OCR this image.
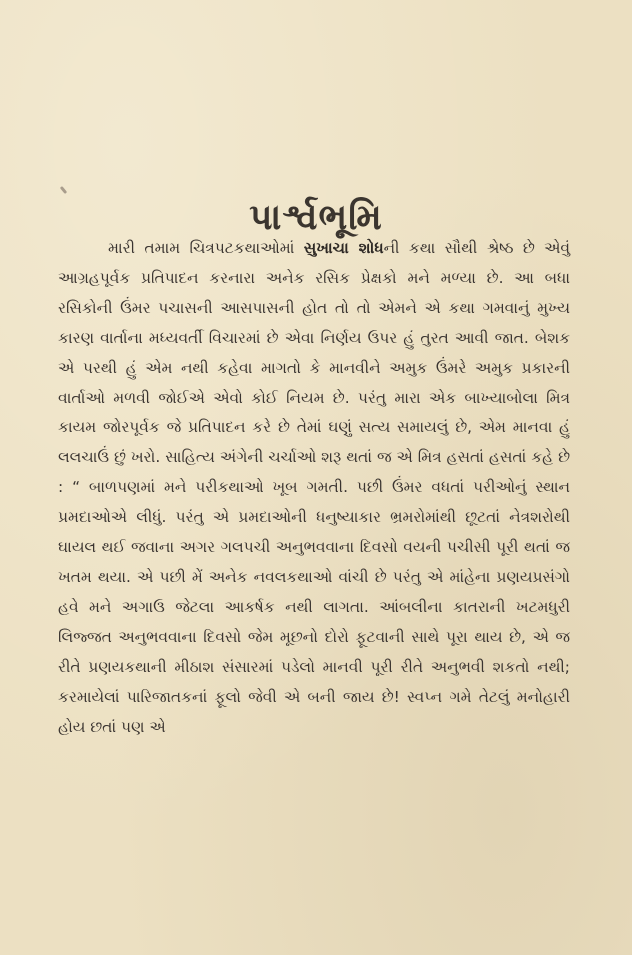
પાર્શ્વભૂમિ

મારી તમામ ચિત્રપટકથાઓમાં સુખાચા શોધની કથા સૌથી શ્રેષ્ઠ છે એવું આગ્રહપૂર્વક પ્રતિપાદન કરનારા અનેક રસિક પ્રેક્ષકો મને મળ્યા છે. આ બધા રસિકોની ઉંમર પચાસની આસપાસની હોત તો તો એમને એ કથા ગમવાનું મુખ્ય કારણ વાર્તાના મધ્યવર્તી વિચારમાં છે એવા નિર્ણય ઉપર હું તુરત આવી જાત. બેશક એ પરથી હું એમ નથી કહેવા માગતો કે માનવીને અમુક ઉંમરે અમુક પ્રકારની વાર્તાઓ મળવી જોઈએ એવો કોઈ નિયમ છે. પરંતુ મારા એક બાખ્યાબોલા મિત્ર કાયમ જોરપૂર્વક જે પ્રતિપાદન કરે છે તેમાં ઘણું સત્ય સમાયલું છે, એમ માનવા હું લલચાઉં છું ખરો. સાહિત્ય અંગેની ચર્ચાઓ શરૂ થતાં જ એ મિત્ર હસતાં હસતાં કહે છે : “ બાળપણમાં મને પરીકથાઓ ખૂબ ગમતી. પછી ઉંમર વધતાં પરીઓનું સ્થાન પ્રમદાઓએ લીધું. પરંતુ એ પ્રમદાઓની ધનુષ્યાકાર ભ્રમરોમાંથી છૂટતાં નેત્રશરોથી ઘાયલ થઈ જવાના અગર ગલપચી અનુભવવાના દિવસો વયની પચીસી પૂરી થતાં જ ખતમ થયા. એ પછી મેં અનેક નવલકથાઓ વાંચી છે પરંતુ એ માંહેના પ્રણયપ્રસંગો હવે મને અગાઉ જેટલા આકર્ષક નથી લાગતા. આંબલીના કાતરાની ખટમધુરી લિજ્જત અનુભવવાના દિવસો જેમ મૂછનો દોરો ફૂટવાની સાથે પૂરા થાય છે, એ જ રીતે પ્રણયકથાની મીઠાશ સંસારમાં પડેલો માનવી પૂરી રીતે અનુભવી શકતો નથી; કરમાયેલાં પારિજાતકનાં ફૂલો જેવી એ બની જાય છે! સ્વપ્ન ગમે તેટલું મનોહારી હોય છતાં પણ એ
